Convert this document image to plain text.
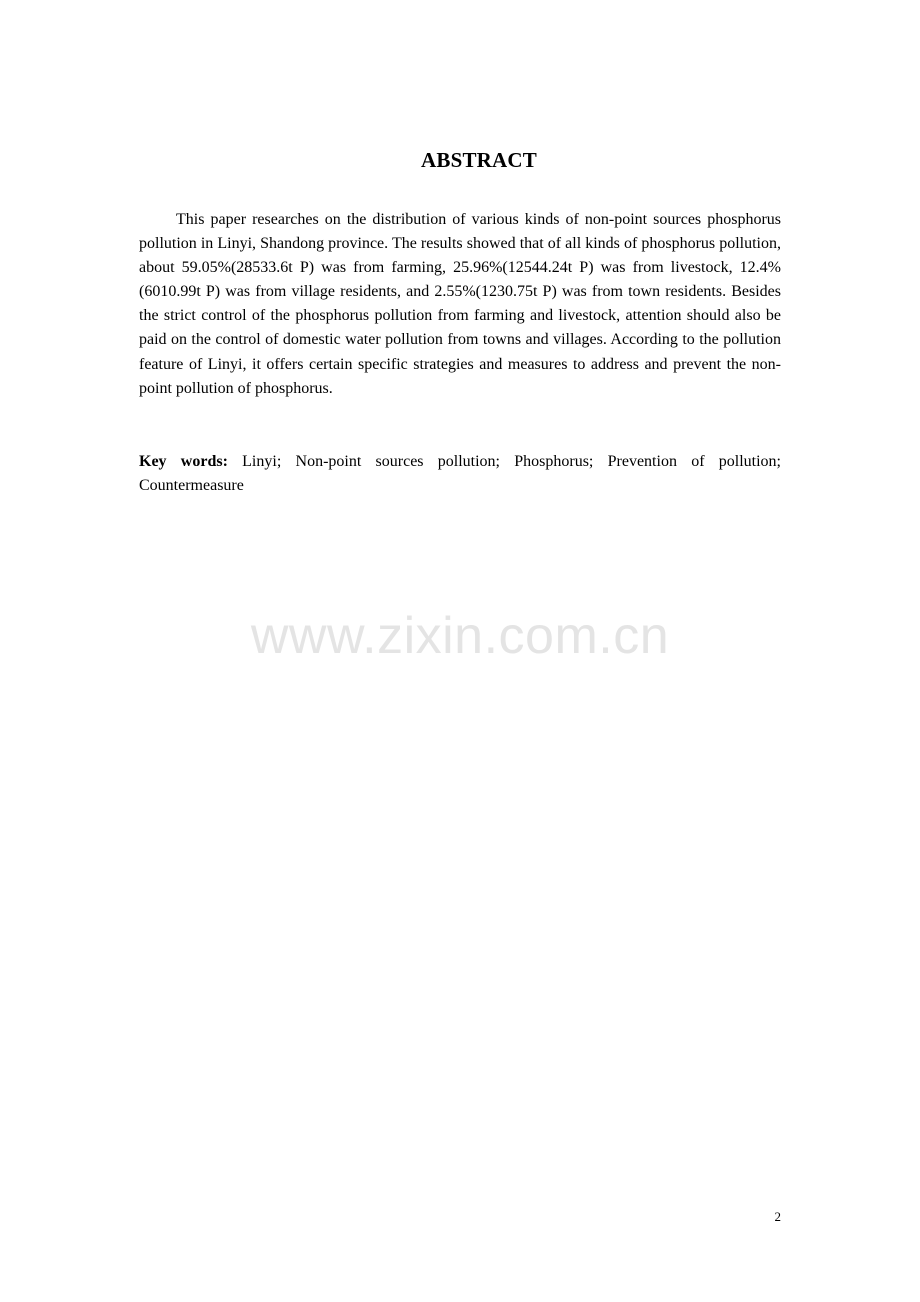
ABSTRACT

This paper researches on the distribution of various kinds of non-point sources phosphorus pollution in Linyi, Shandong province. The results showed that of all kinds of phosphorus pollution, about 59.05%(28533.6t P) was from farming, 25.96%(12544.24t P) was from livestock, 12.4%(6010.99t P) was from village residents, and 2.55%(1230.75t P) was from town residents. Besides the strict control of the phosphorus pollution from farming and livestock, attention should also be paid on the control of domestic water pollution from towns and villages. According to the pollution feature of Linyi, it offers certain specific strategies and measures to address and prevent the non-point pollution of phosphorus.

Key words: Linyi; Non-point sources pollution; Phosphorus; Prevention of pollution; Countermeasure

www.zixin.com.cn
2
